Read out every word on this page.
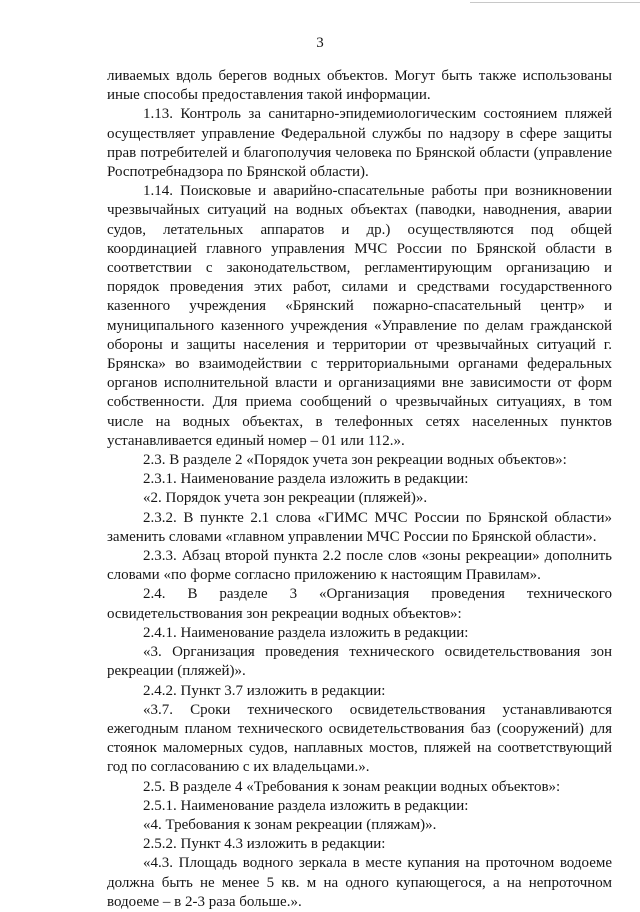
3

ливаемых вдоль берегов водных объектов. Могут быть также использованы иные способы предоставления такой информации.

1.13. Контроль за санитарно-эпидемиологическим состоянием пляжей осуществляет управление Федеральной службы по надзору в сфере защиты прав потребителей и благополучия человека по Брянской области (управление Роспотребнадзора по Брянской области).

1.14. Поисковые и аварийно-спасательные работы при возникновении чрезвычайных ситуаций на водных объектах (паводки, наводнения, аварии судов, летательных аппаратов и др.) осуществляются под общей координацией главного управления МЧС России по Брянской области в соответствии с законодательством, регламентирующим организацию и порядок проведения этих работ, силами и средствами государственного казенного учреждения «Брянский пожарно-спасательный центр» и муниципального казенного учреждения «Управление по делам гражданской обороны и защиты населения и территории от чрезвычайных ситуаций г. Брянска» во взаимодействии с территориальными органами федеральных органов исполнительной власти и организациями вне зависимости от форм собственности. Для приема сообщений о чрезвычайных ситуациях, в том числе на водных объектах, в телефонных сетях населенных пунктов устанавливается единый номер – 01 или 112.».

2.3. В разделе 2 «Порядок учета зон рекреации водных объектов»:

2.3.1. Наименование раздела изложить в редакции:

«2. Порядок учета зон рекреации (пляжей)».

2.3.2. В пункте 2.1 слова «ГИМС МЧС России по Брянской области» заменить словами «главном управлении МЧС России по Брянской области».

2.3.3. Абзац второй пункта 2.2 после слов «зоны рекреации» дополнить словами «по форме согласно приложению к настоящим Правилам».

2.4. В разделе 3 «Организация проведения технического освидетельствования зон рекреации водных объектов»:

2.4.1. Наименование раздела изложить в редакции:

«3. Организация проведения технического освидетельствования зон рекреации (пляжей)».

2.4.2. Пункт 3.7 изложить в редакции:

«3.7. Сроки технического освидетельствования устанавливаются ежегодным планом технического освидетельствования баз (сооружений) для стоянок маломерных судов, наплавных мостов, пляжей на соответствующий год по согласованию с их владельцами.».

2.5. В разделе 4 «Требования к зонам реакции водных объектов»:

2.5.1. Наименование раздела изложить в редакции:

«4. Требования к зонам рекреации (пляжам)».

2.5.2. Пункт 4.3 изложить в редакции:

«4.3. Площадь водного зеркала в месте купания на проточном водоеме должна быть не менее 5 кв. м на одного купающегося, а на непроточном водоеме – в 2-3 раза больше.».
